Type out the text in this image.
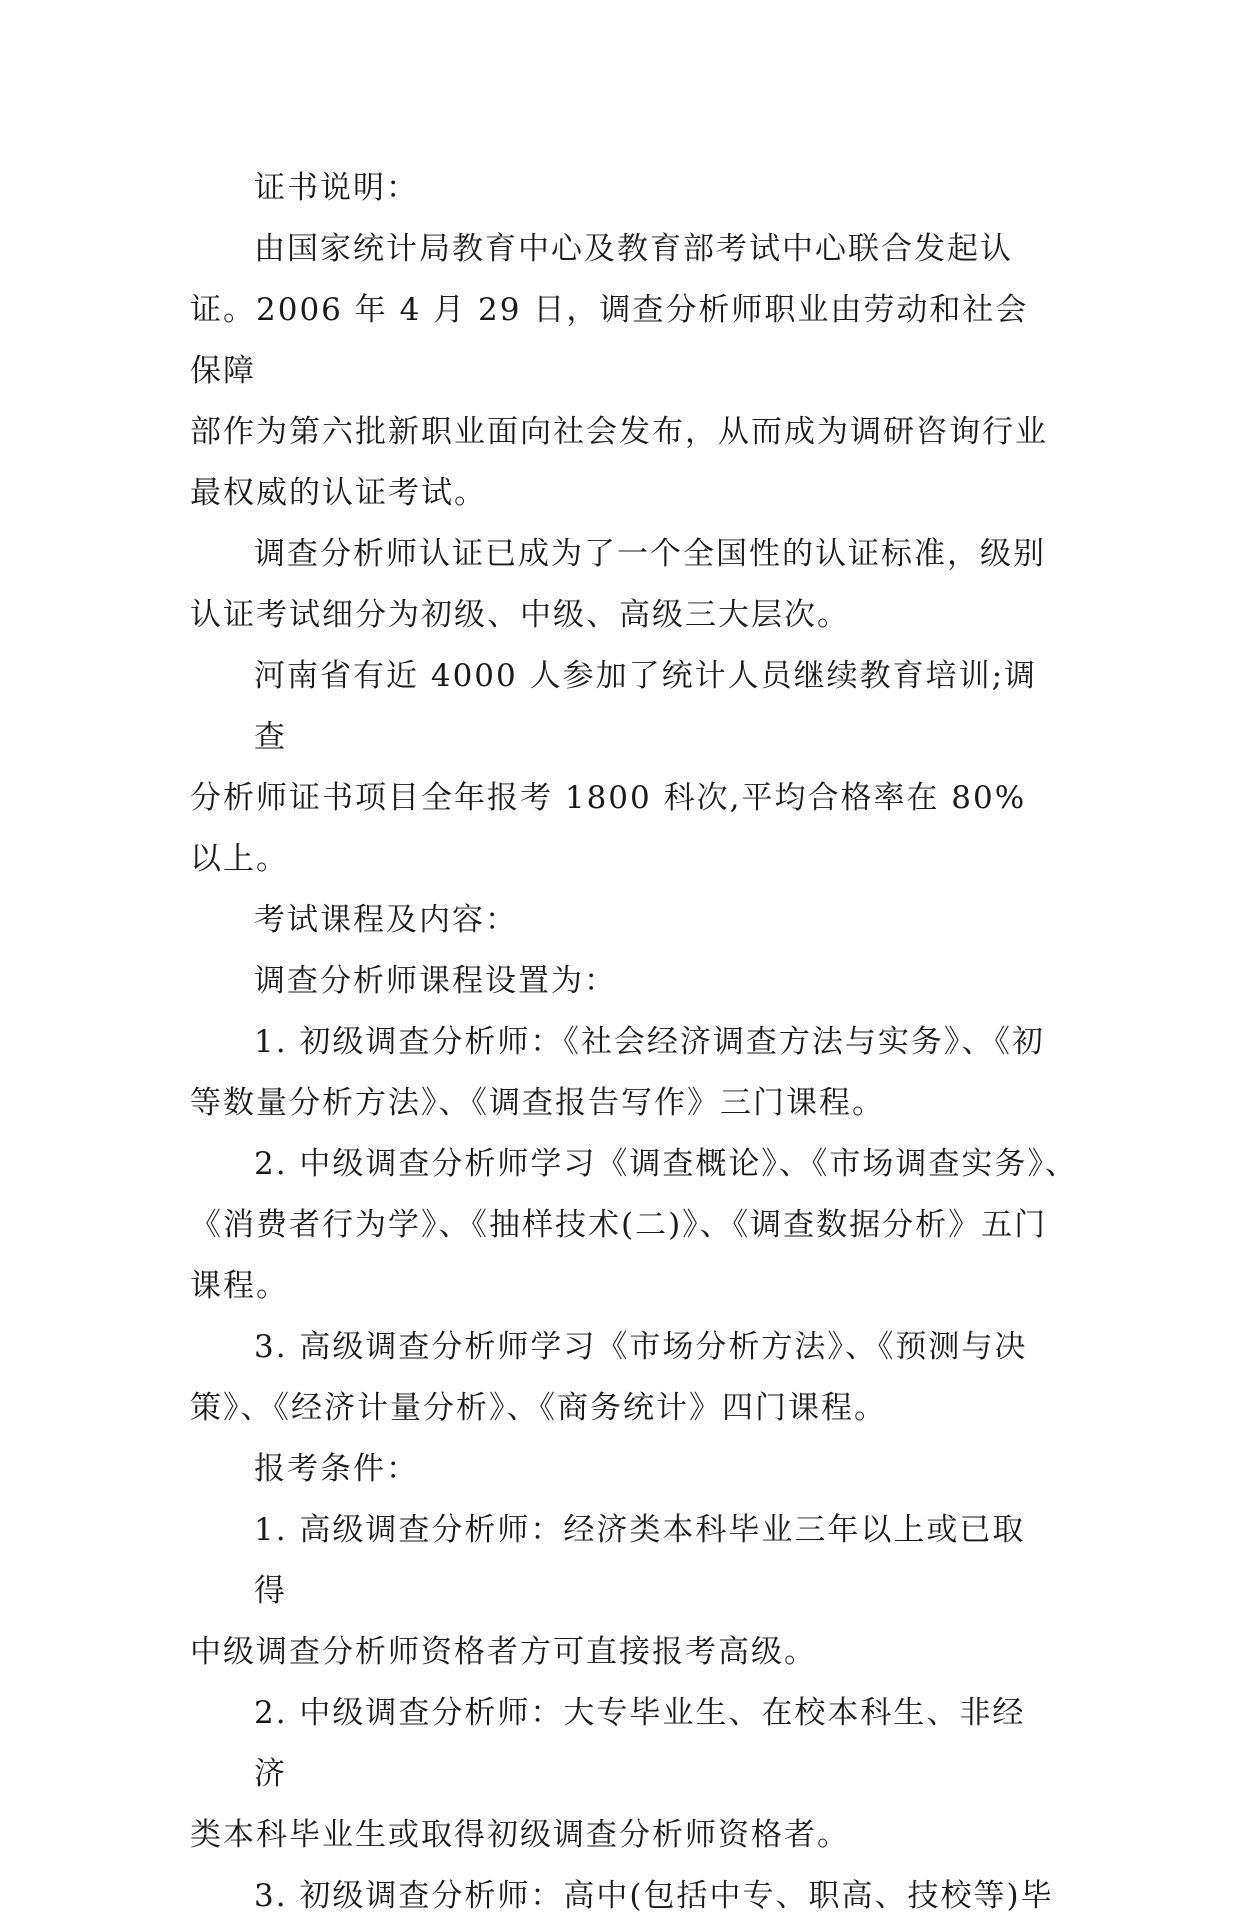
证书说明：
由国家统计局教育中心及教育部考试中心联合发起认
证。2006 年 4 月 29 日，调查分析师职业由劳动和社会保障
部作为第六批新职业面向社会发布，从而成为调研咨询行业
最权威的认证考试。
调查分析师认证已成为了一个全国性的认证标准，级别
认证考试细分为初级、中级、高级三大层次。
河南省有近 4000 人参加了统计人员继续教育培训;调查
分析师证书项目全年报考 1800 科次,平均合格率在 80%以上。
考试课程及内容：
调查分析师课程设置为：
1. 初级调查分析师：《社会经济调查方法与实务》、《初
等数量分析方法》、《调查报告写作》三门课程。
2. 中级调查分析师学习《调查概论》、《市场调查实务》、
《消费者行为学》、《抽样技术(二)》、《调查数据分析》五门
课程。
3. 高级调查分析师学习《市场分析方法》、《预测与决
策》、《经济计量分析》、《商务统计》四门课程。
报考条件：
1. 高级调查分析师：经济类本科毕业三年以上或已取得
中级调查分析师资格者方可直接报考高级。
2. 中级调查分析师：大专毕业生、在校本科生、非经济
类本科毕业生或取得初级调查分析师资格者。
3. 初级调查分析师：高中(包括中专、职高、技校等)毕
